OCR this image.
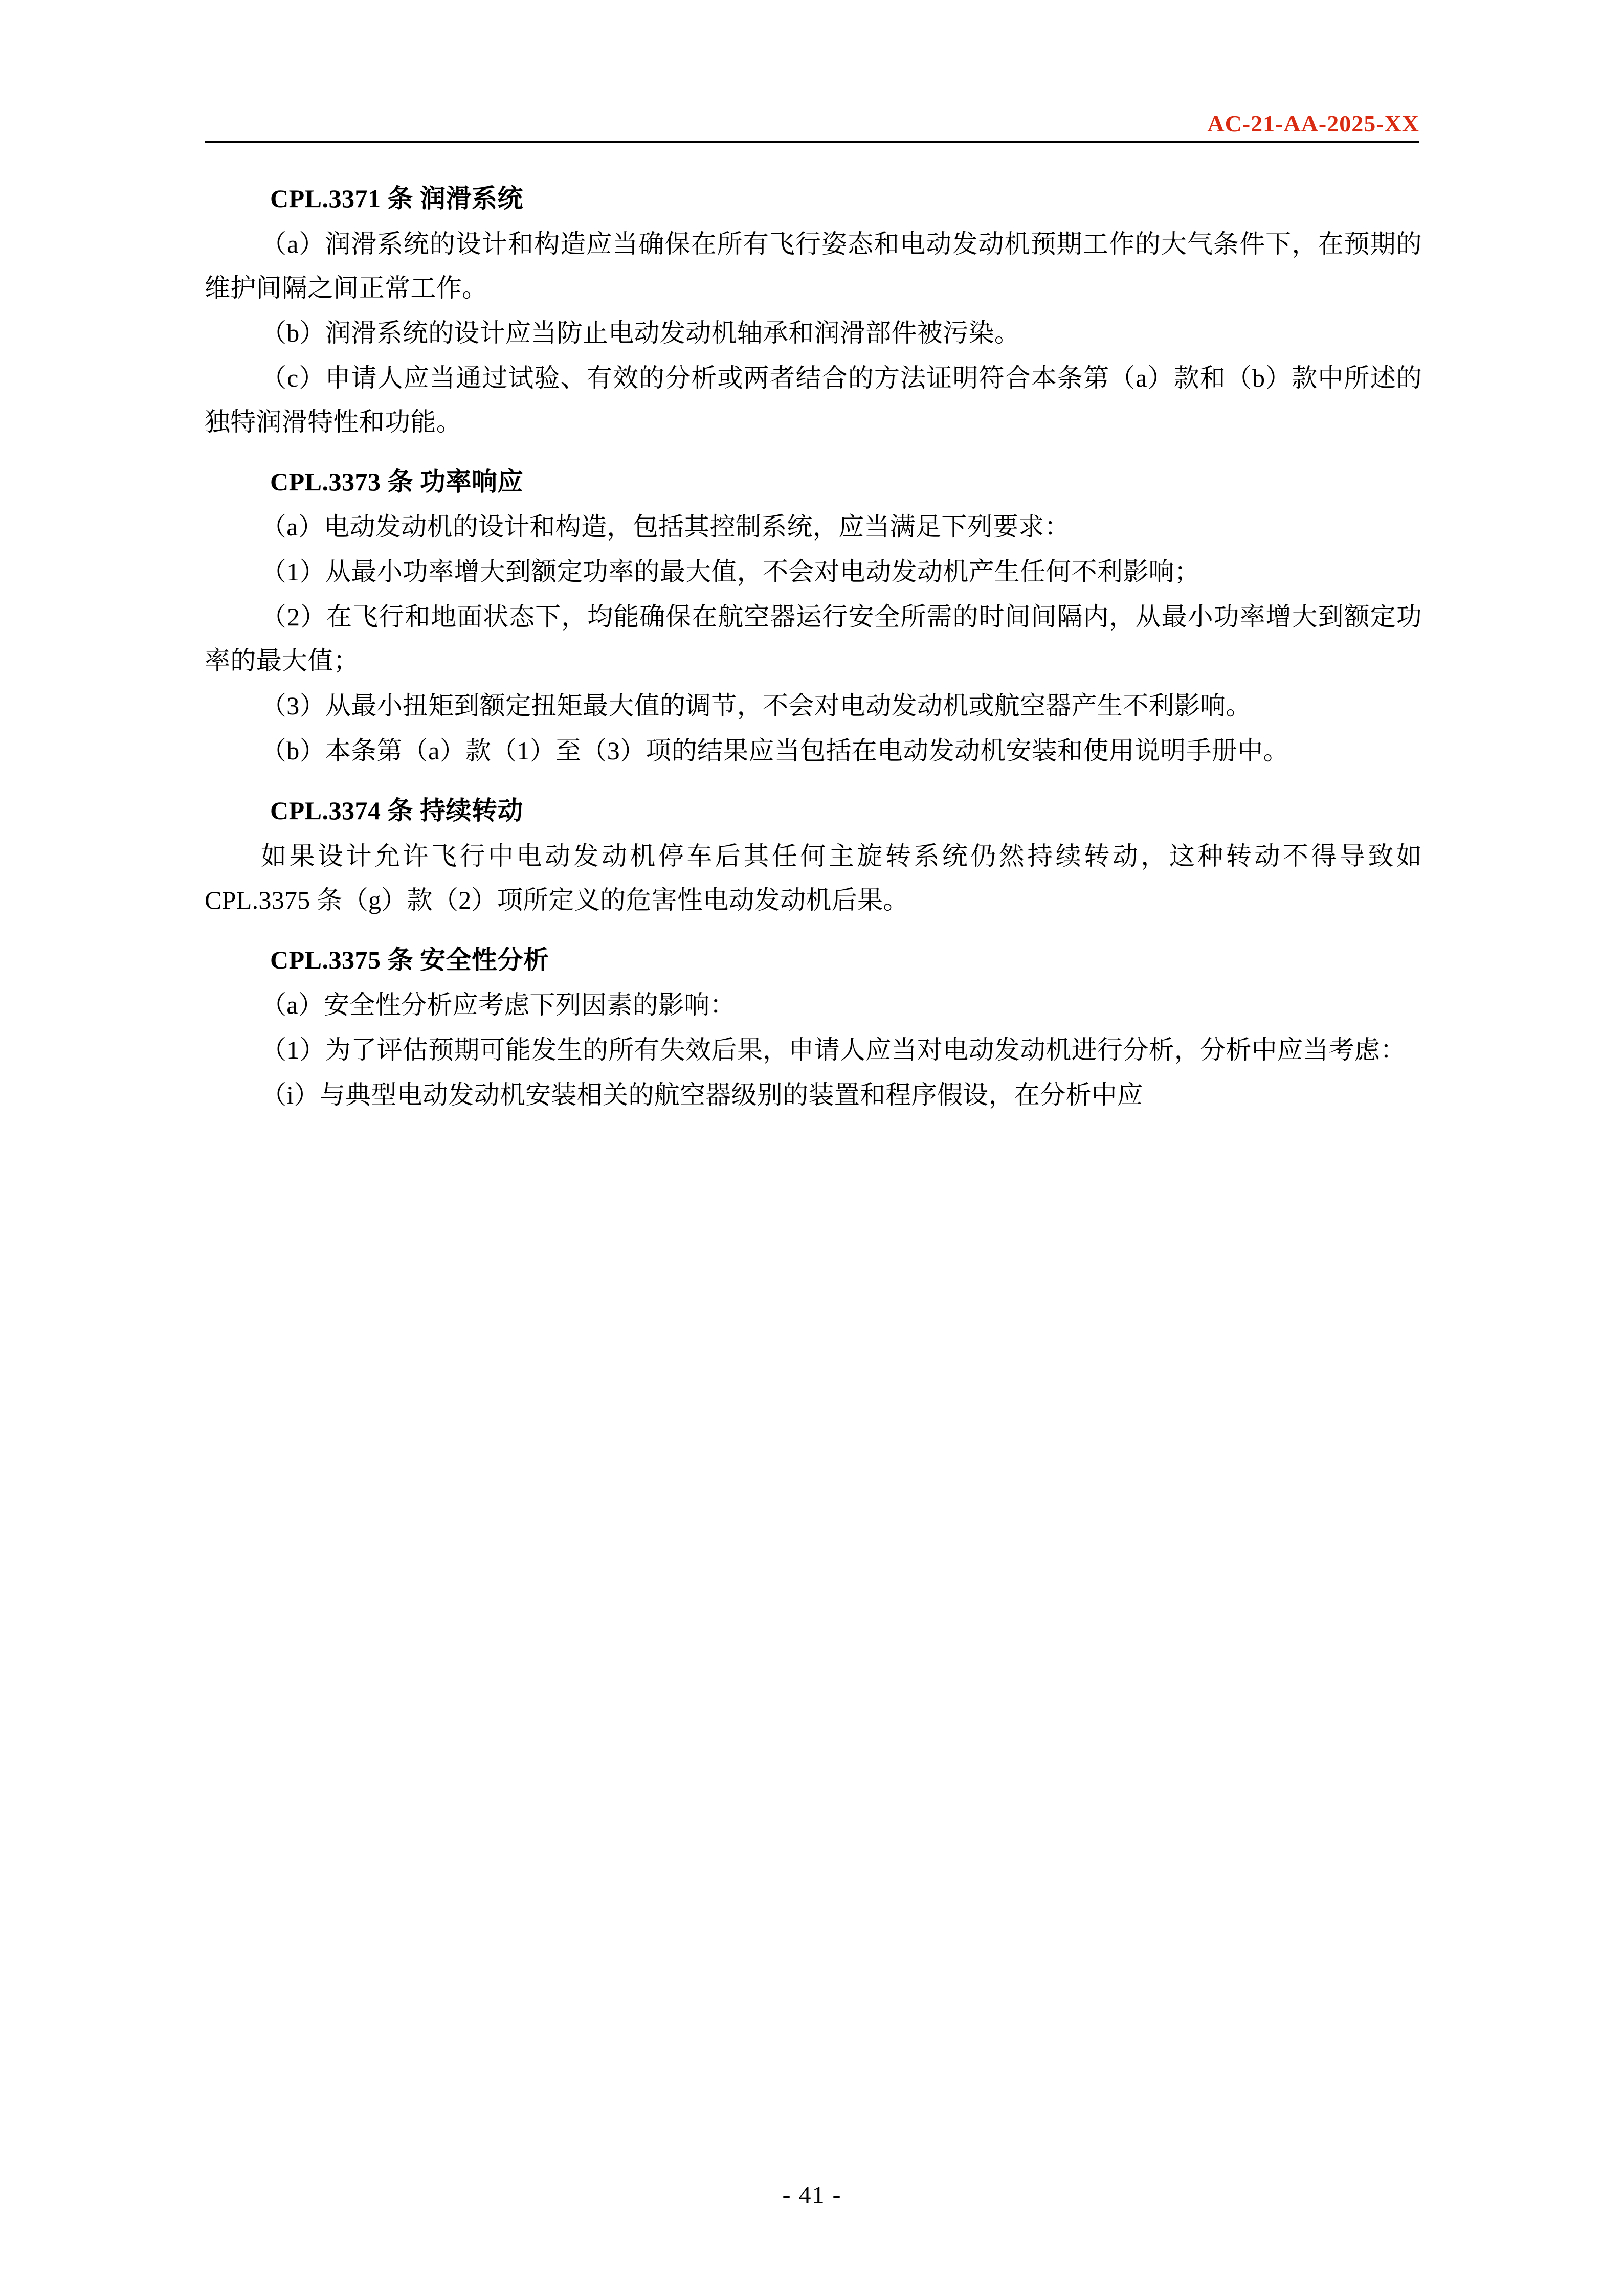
AC-21-AA-2025-XX
CPL.3371 条 润滑系统
（a）润滑系统的设计和构造应当确保在所有飞行姿态和电动发动机预期工作的大气条件下，在预期的维护间隔之间正常工作。
（b）润滑系统的设计应当防止电动发动机轴承和润滑部件被污染。
（c）申请人应当通过试验、有效的分析或两者结合的方法证明符合本条第（a）款和（b）款中所述的独特润滑特性和功能。
CPL.3373 条 功率响应
（a）电动发动机的设计和构造，包括其控制系统，应当满足下列要求：
（1）从最小功率增大到额定功率的最大值，不会对电动发动机产生任何不利影响；
（2）在飞行和地面状态下，均能确保在航空器运行安全所需的时间间隔内，从最小功率增大到额定功率的最大值；
（3）从最小扭矩到额定扭矩最大值的调节，不会对电动发动机或航空器产生不利影响。
（b）本条第（a）款（1）至（3）项的结果应当包括在电动发动机安装和使用说明手册中。
CPL.3374 条 持续转动
如果设计允许飞行中电动发动机停车后其任何主旋转系统仍然持续转动，这种转动不得导致如 CPL.3375 条（g）款（2）项所定义的危害性电动发动机后果。
CPL.3375 条 安全性分析
（a）安全性分析应考虑下列因素的影响：
（1）为了评估预期可能发生的所有失效后果，申请人应当对电动发动机进行分析，分析中应当考虑：
（i）与典型电动发动机安装相关的航空器级别的装置和程序假设，在分析中应
- 41 -
